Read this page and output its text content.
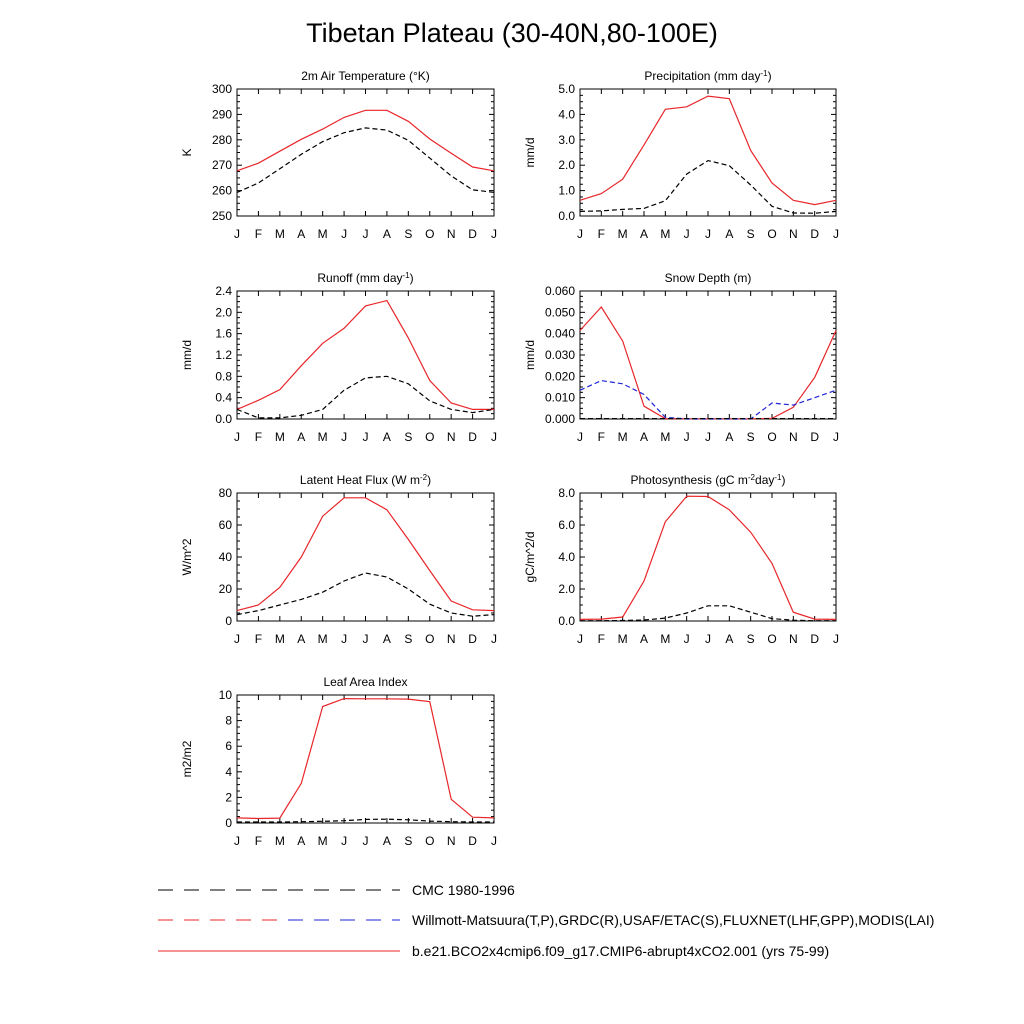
Tibetan Plateau (30-40N,80-100E)
2m Air Temperature (°K)
250
260
270
280
290
300
J F M A M J J A S O N D J
K
Precipitation (mm day$^{-1}$)
0.0
1.0
2.0
3.0
4.0
5.0
J F M A M J J A S O N D J
mm/d
Runoff (mm day$^{-1}$)
0.0
0.4
0.8
1.2
1.6
2.0
2.4
J F M A M J J A S O N D J
mm/d
Snow Depth (m)
0.000
0.010
0.020
0.030
0.040
0.050
0.060
J F M A M J J A S O N D J
mm/d
Latent Heat Flux (W $m^{-2}$)
0
20
40
60
80
J F M A M J J A S O N D J
W/m^2
Photosynthesis (gC $m^{-2}day^{-1}$)
0.0
2.0
4.0
6.0
8.0
J F M A M J J A S O N D J
gC/m^2/d
Leaf Area Index
0
2
4
6
8
10
J F M A M J J A S O N D J
m2/m2
CMC 1980-1996
Willmott-Matsuura(T,P),GRDC(R),USAF/ETAC(S),FLUXNET(LHF,GPP),MODIS(LAI)
b.e21.BCO2x4cmip6.f09_g17.CMIP6-abrupt4xCO2.001 (yrs 75-99)
